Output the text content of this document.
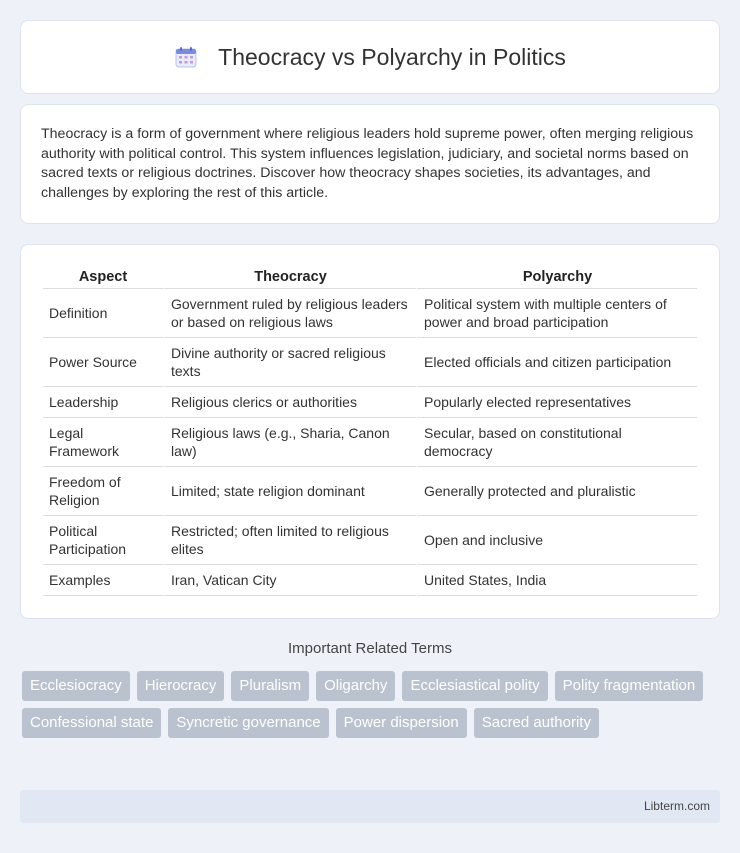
Theocracy vs Polyarchy in Politics

Theocracy is a form of government where religious leaders hold supreme power, often merging religious authority with political control. This system influences legislation, judiciary, and societal norms based on sacred texts or religious doctrines. Discover how theocracy shapes societies, its advantages, and challenges by exploring the rest of this article.

Aspect	Theocracy	Polyarchy
Definition	Government ruled by religious leaders or based on religious laws	Political system with multiple centers of power and broad participation
Power Source	Divine authority or sacred religious texts	Elected officials and citizen participation
Leadership	Religious clerics or authorities	Popularly elected representatives
Legal Framework	Religious laws (e.g., Sharia, Canon law)	Secular, based on constitutional democracy
Freedom of Religion	Limited; state religion dominant	Generally protected and pluralistic
Political Participation	Restricted; often limited to religious elites	Open and inclusive
Examples	Iran, Vatican City	United States, India
Important Related Terms
Ecclesiocracy	Hierocracy	Pluralism	Oligarchy	Ecclesiastical polity	Polity fragmentation
Confessional state	Syncretic governance	Power dispersion	Sacred authority
Libterm.com
